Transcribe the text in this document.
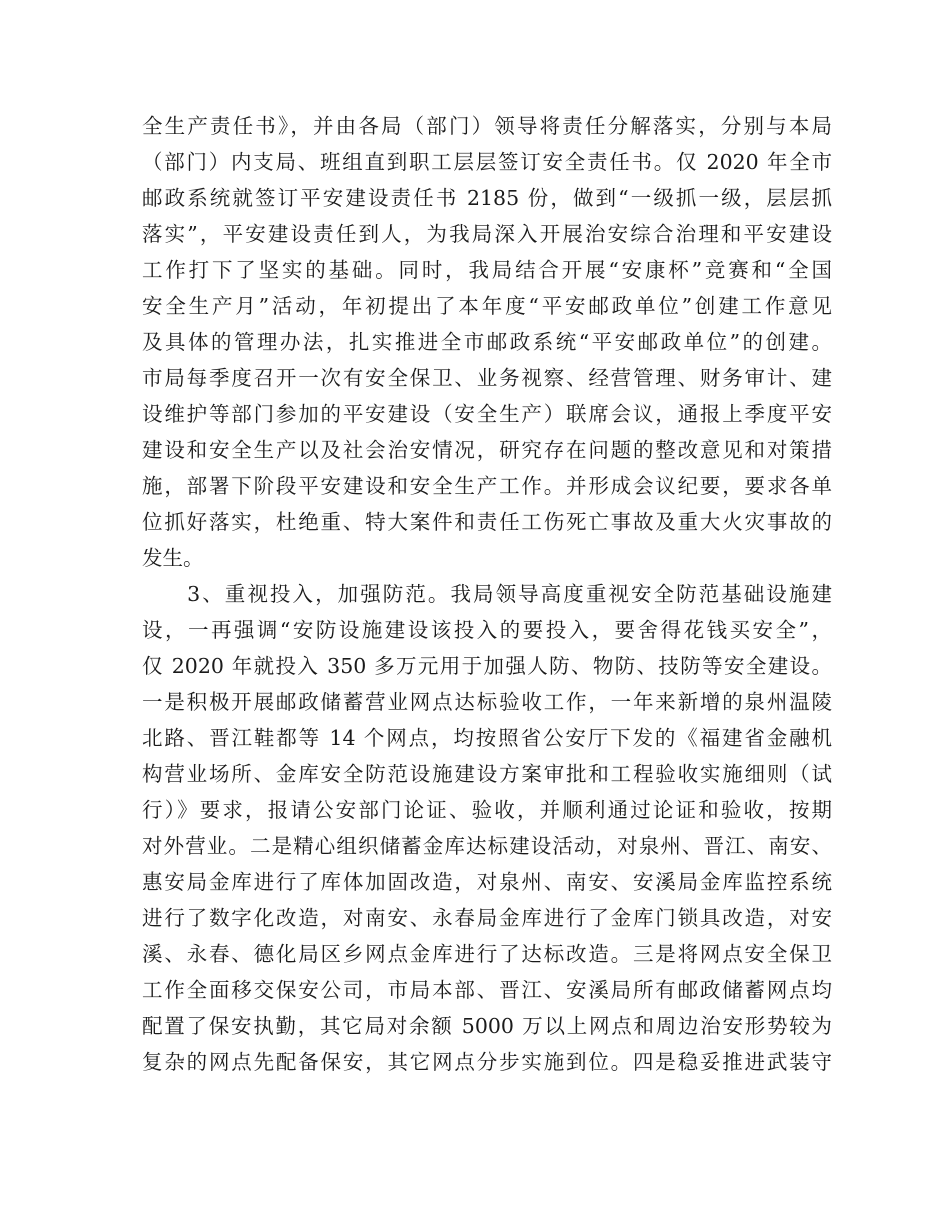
全生产责任书》，并由各局（部门）领导将责任分解落实，分别与本局
（部门）内支局、班组直到职工层层签订安全责任书。仅 2020 年全市
邮政系统就签订平安建设责任书 2185 份，做到“一级抓一级，层层抓
落实”，平安建设责任到人，为我局深入开展治安综合治理和平安建设
工作打下了坚实的基础。同时，我局结合开展“安康杯”竞赛和“全国
安全生产月”活动，年初提出了本年度“平安邮政单位”创建工作意见
及具体的管理办法，扎实推进全市邮政系统“平安邮政单位”的创建。
市局每季度召开一次有安全保卫、业务视察、经营管理、财务审计、建
设维护等部门参加的平安建设（安全生产）联席会议，通报上季度平安
建设和安全生产以及社会治安情况，研究存在问题的整改意见和对策措
施，部署下阶段平安建设和安全生产工作。并形成会议纪要，要求各单
位抓好落实，杜绝重、特大案件和责任工伤死亡事故及重大火灾事故的
发生。
　　3、重视投入，加强防范。我局领导高度重视安全防范基础设施建
设，一再强调“安防设施建设该投入的要投入，要舍得花钱买安全”，
仅 2020 年就投入 350 多万元用于加强人防、物防、技防等安全建设。
一是积极开展邮政储蓄营业网点达标验收工作，一年来新增的泉州温陵
北路、晋江鞋都等 14 个网点，均按照省公安厅下发的《福建省金融机
构营业场所、金库安全防范设施建设方案审批和工程验收实施细则（试
行）》要求，报请公安部门论证、验收，并顺利通过论证和验收，按期
对外营业。二是精心组织储蓄金库达标建设活动，对泉州、晋江、南安、
惠安局金库进行了库体加固改造，对泉州、南安、安溪局金库监控系统
进行了数字化改造，对南安、永春局金库进行了金库门锁具改造，对安
溪、永春、德化局区乡网点金库进行了达标改造。三是将网点安全保卫
工作全面移交保安公司，市局本部、晋江、安溪局所有邮政储蓄网点均
配置了保安执勤，其它局对余额 5000 万以上网点和周边治安形势较为
复杂的网点先配备保安，其它网点分步实施到位。四是稳妥推进武装守
